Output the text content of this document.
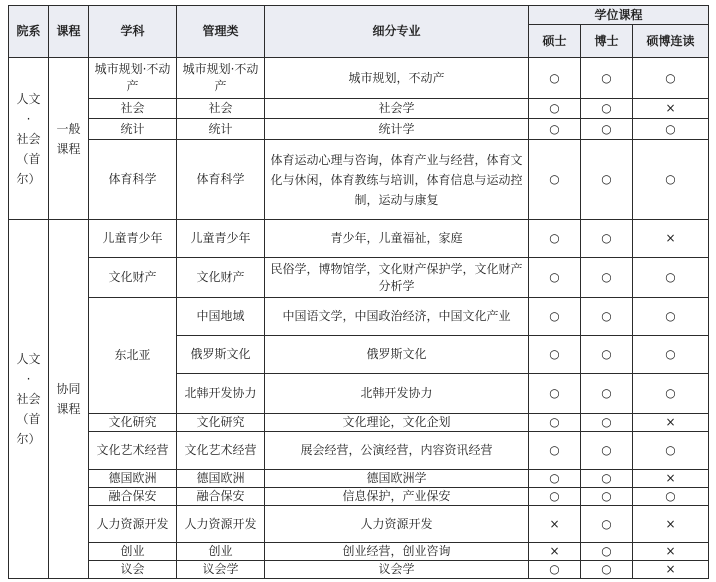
院系	课程	学科	管理类	细分专业	学位课程		
					硕士	博士	硕博连读
人文
·
社会
（首
尔）	一般
课程	城市规划·不动产	城市规划·不动产	城市规划，不动产	○	○	○
		社会	社会	社会学	○	○	×
		统计	统计	统计学	○	○	○
		体育科学	体育科学	体育运动心理与咨询，体育产业与经营，体育文化与休闲，体育教练与培训，体育信息与运动控制，运动与康复	○	○	○
人文
·
社会
（首
尔）	协同
课程	儿童青少年	儿童青少年	青少年，儿童福祉，家庭	○	○	×
		文化财产	文化财产	民俗学，博物馆学，文化财产保护学，文化财产分析学	○	○	○
		东北亚	中国地域	中国语文学，中国政治经济，中国文化产业	○	○	○
			俄罗斯文化	俄罗斯文化	○	○	○
			北韩开发协力	北韩开发协力	○	○	○
		文化研究	文化研究	文化理论，文化企划	○	○	×
		文化艺术经营	文化艺术经营	展会经营，公演经营，内容资讯经营	○	○	○
		德国欧洲	德国欧洲	德国欧洲学	○	○	×
		融合保安	融合保安	信息保护，产业保安	○	○	○
		人力资源开发	人力资源开发	人力资源开发	×	○	×
		创业	创业	创业经营，创业咨询	×	○	×
		议会	议会学	议会学	○	○	×
